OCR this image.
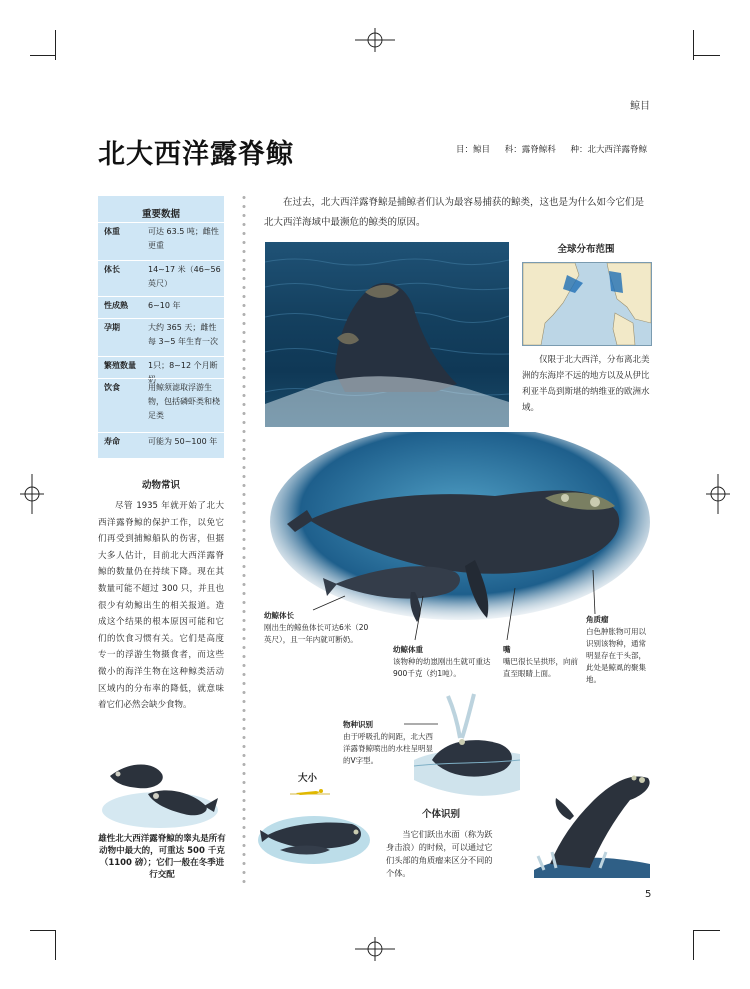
鲸目
北大西洋露脊鲸	目：鲸目 科：露脊鲸科 种：北大西洋露脊鲸
重要数据
体重	可达 63.5 吨；雌性更重
体长	14~17 米（46~56英尺）
性成熟	6~10 年
孕期	大约 365 天；雌性每 3~5 年生育一次
繁殖数量 1只；8~12 个月断奶
饮食	用鲸须滤取浮游生物，包括磷虾类和桡足类
寿命	可能为 50~100 年
动物常识
尽管 1935 年就开始了北大西洋露脊鲸的保护工作，以免它们再受到捕鲸船队的伤害，但据大多人估计，目前北大西洋露脊鲸的数量仍在持续下降。现在其数量可能不超过 300 只，并且也很少有幼鲸出生的相关报道。造成这个结果的根本原因可能和它们的饮食习惯有关。它们是高度专一的浮游生物摄食者，而这些微小的海洋生物在这种鲸类活动区域内的分布率的降低，就意味着它们必然会缺少食物。
雄性北大西洋露脊鲸的睾丸是所有动物中最大的，可重达 500 千克（1100 磅）；它们一般在冬季进行交配
在过去，北大西洋露脊鲸是捕鲸者们认为最容易捕获的鲸类，这也是为什么如今它们是北大西洋海域中最濒危的鲸类的原因。
全球分布范围
仅限于北大西洋，分布离北美洲的东海岸不远的地方以及从伊比利亚半岛到斯堪的纳维亚的欧洲水域。
幼鲸体长
刚出生的鲸鱼体长可达6米（20英尺），且一年内就可断奶。
幼鲸体重
该物种的幼崽刚出生就可重达900千克（约1吨）。
嘴
嘴巴很长呈拱形，向前直至眼睛上面。
角质瘤
白色肿胀物可用以识别该物种，通常明显存在于头部，此处是鲸虱的聚集地。
物种识别
由于呼吸孔的间距，北大西洋露脊鲸喷出的水柱呈明显的V字型。
大小
个体识别
当它们跃出水面（称为跃身击浪）的时候，可以通过它们头部的角质瘤来区分不同的个体。
5
